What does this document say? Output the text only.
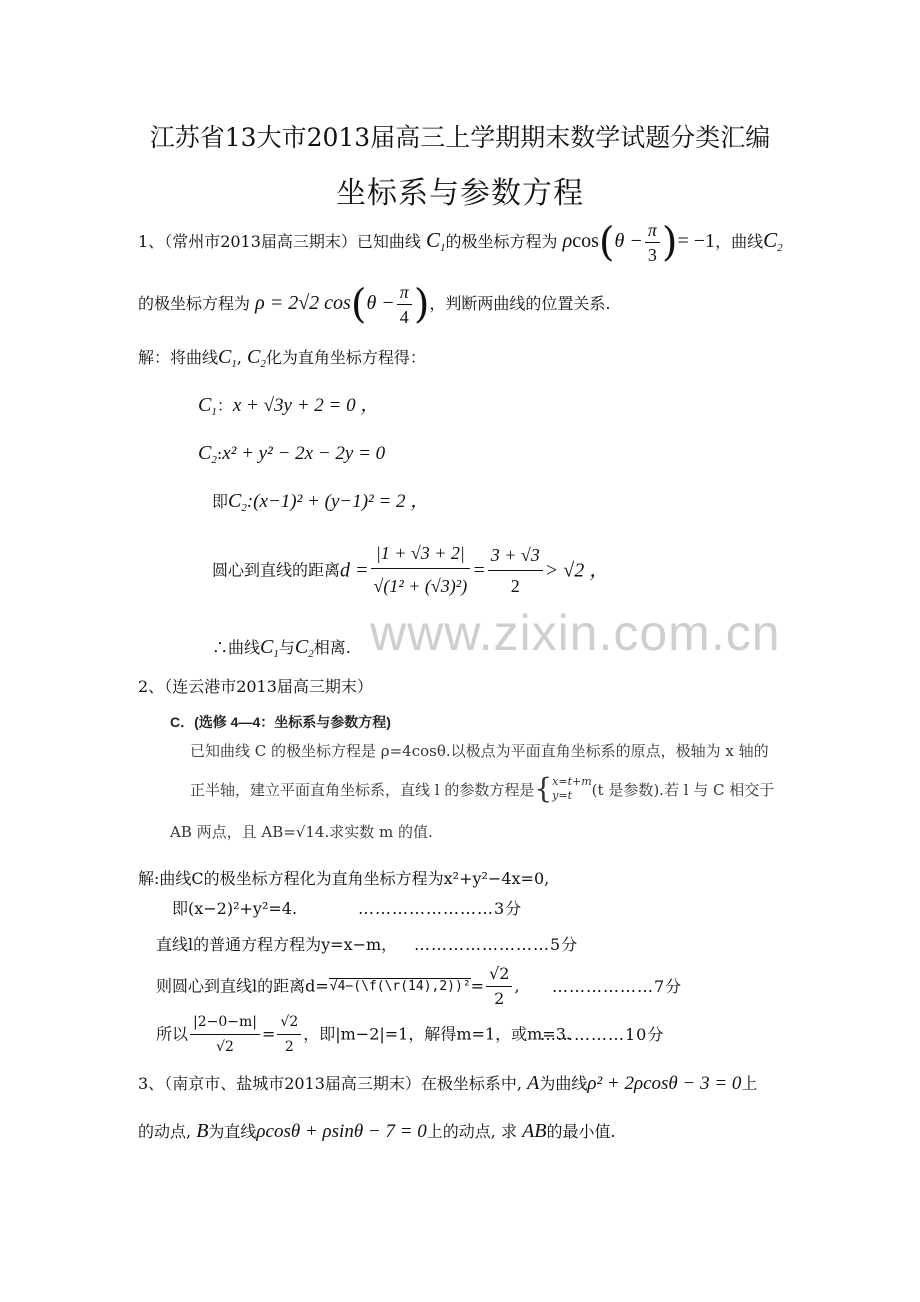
江苏省13大市2013届高三上学期期末数学试题分类汇编
坐标系与参数方程
1、（常州市2013届高三期末）已知曲线 $C_1$的极坐标方程为 $\rho\cos(\theta - \frac{\pi}{3}$ )= −1，曲线$C_2$
的极坐标方程为 ρ = 2√2 $\cos(\theta - \frac{\pi}{4}$ )，判断两曲线的位置关系.
解：将曲线$C_1$, $C_2$化为直角坐标方程得：
$C_1$：x + √3y + 2 = 0 ，
$C_2:x^2 + y^2 - 2x - 2y = 0$
即$C_2:(x-1)^2 + (y-1)^2 = 2$ ，
圆心到直线的距离$d = \frac{|1 + √3 + 2|}{\text{√(1² + (√3)²)}} = \frac{3 + √3}{2} > √2$ ，
∴曲线$C_1$与$C_2$相离. www.zixin.com.cn
2、（连云港市2013届高三期末）
C．(选修 4—4：坐标系与参数方程)
已知曲线 C 的极坐标方程是 ρ=4cosθ.以极点为平面直角坐标系的原点，极轴为 x 轴的
正半轴，建立平面直角坐标系，直线 l 的参数方程是 { x=t+m
y=t	(t 是参数).若 l 与 C 相交于
AB 两点，且 AB=√14.求实数 m 的值.
解:曲线C的极坐标方程化为直角坐标方程为x²+y²−4x=0,
即(x−2)²+y²=4.	……………………3分
直线l的普通方程方程为y=x−m， ……………………5分
则圆心到直线l的距离d=√4−(\f(\r(14),2))²= $\frac{√2}{2}$ , ………………7分
所以 $\frac{|2-0-m|}{√2} = \frac{√2}{2}$ ，即|m−2|=1，解得m=1，或m=3.
……………10分
3、（南京市、盐城市2013届高三期末）在极坐标系中, A为曲线ρ² + 2ρcosθ − 3 = 0上
的动点, B为直线ρcosθ + ρsinθ − 7 = 0上的动点, 求 AB的最小值.
